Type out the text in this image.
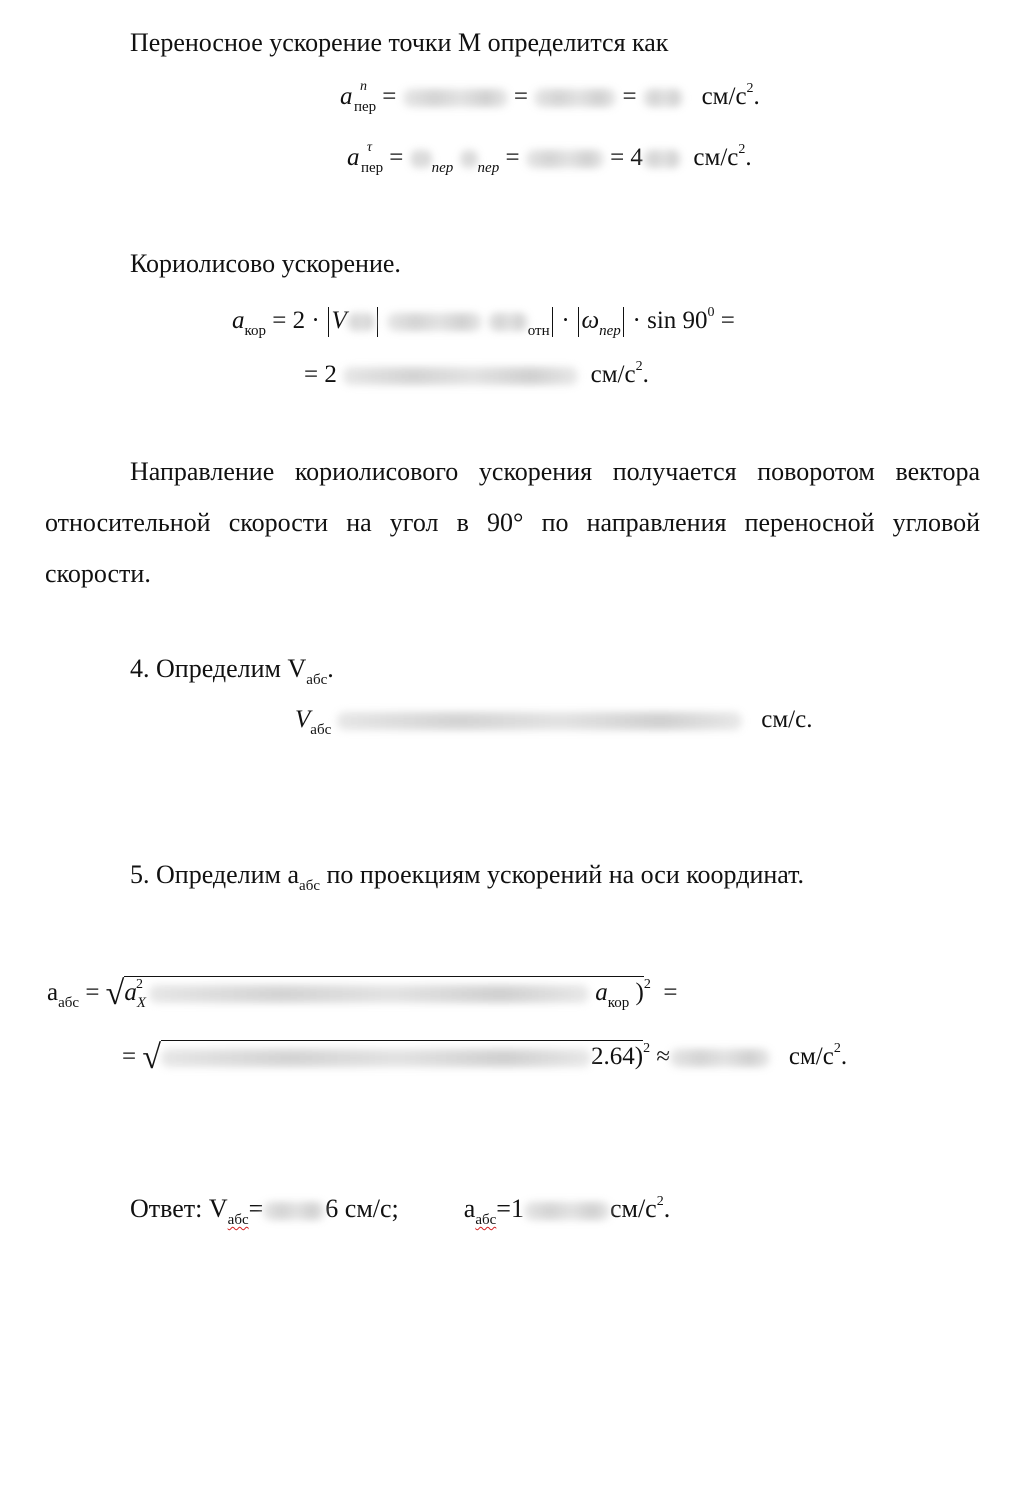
Переносное ускорение точки М определится как
a n
пер =	=	=	$см/с^2$.
a τ
пер = $_{пер}$ $_{пер}$ =	= 4 $см/с^2$.
Кориолисово ускорение.
$a_{кор} = 2 \cdot V$	$_{отн} \cdot \omega_{пер} \cdot \sin 90^0$ =
= 2	$см/с^2$.
Направление кориолисового ускорения получается поворотом вектора относительной скорости на угол в 90° по направления переносной угловой скорости.
4. Определим $V_{абс}$.
$V_{абс}$	см/с.
5. Определим $a_{абс}$ по проекциям ускорений на оси координат.
$a_{абс} = √a_X^2$	$a_{кор}$ )$^2$ =
= √	2.64)$^2$ ≈	$см/с^2$.
Ответ: $V_{абс}= 6$ см/с;	$a_{абс}=1$	$см/с^2$.
